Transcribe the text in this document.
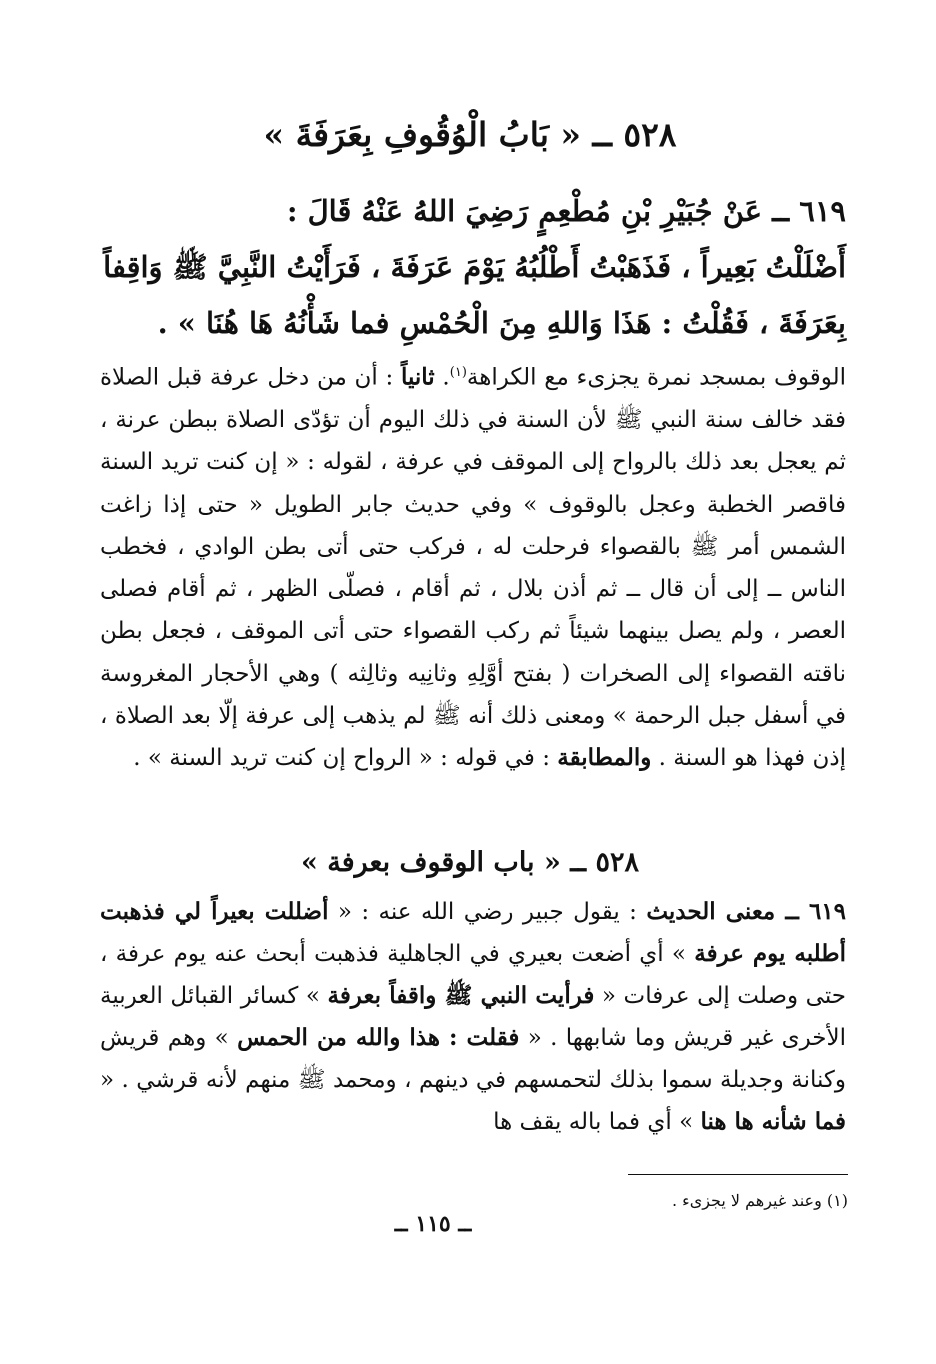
٥٢٨ ــ « بَابُ الْوُقُوفِ بِعَرَفَةَ »
٦١٩ ــ عَنْ جُبَيْرِ بْنِ مُطْعِمٍ رَضِيَ اللهُ عَنْهُ قَالَ :
أَضْلَلْتُ بَعِيراً ، فَذَهَبْتُ أَطْلُبُهُ يَوْمَ عَرَفَةَ ، فَرَأَيْتُ النَّبِيَّ ﷺ وَاقِفاً
بِعَرَفَةَ ، فَقُلْتُ : هَذَا وَاللهِ مِنَ الْحُمْسِ فما شَأْنُهُ هَا هُنَا » .

الوقوف بمسجد نمرة يجزىء مع الكراهة$^{(١)}$. ثانياً : أن من دخل عرفة قبل الصلاة فقد خالف سنة النبي ﷺ لأن السنة في ذلك اليوم أن تؤدّى الصلاة ببطن عرنة ، ثم يعجل بعد ذلك بالرواح إلى الموقف في عرفة ، لقوله : « إن كنت تريد السنة فاقصر الخطبة وعجل بالوقوف » وفي حديث جابر الطويل « حتى إذا زاغت الشمس أمر ﷺ بالقصواء فرحلت له ، فركب حتى أتى بطن الوادي ، فخطب الناس ــ إلى أن قال ــ ثم أذن بلال ، ثم أقام ، فصلّى الظهر ، ثم أقام فصلى العصر ، ولم يصل بينهما شيئاً ثم ركب القصواء حتى أتى الموقف ، فجعل بطن ناقته القصواء إلى الصخرات ( بفتح أوَّلِهِ وثانِيه وثالِثه ) وهي الأحجار المغروسة في أسفل جبل الرحمة » ومعنى ذلك أنه ﷺ لم يذهب إلى عرفة إلّا بعد الصلاة ، إذن فهذا هو السنة . والمطابقة : في قوله : « الرواح إن كنت تريد السنة » .

٥٢٨ ــ « باب الوقوف بعرفة »

٦١٩ ــ معنى الحديث : يقول جبير رضي الله عنه : « أضللت بعيراً لي فذهبت أطلبه يوم عرفة » أي أضعت بعيري في الجاهلية فذهبت أبحث عنه يوم عرفة ، حتى وصلت إلى عرفات « فرأيت النبي ﷺ واقفاً بعرفة » كسائر القبائل العربية الأخرى غير قريش وما شابهها . « فقلت : هذا والله من الحمس » وهم قريش وكنانة وجديلة سموا بذلك لتحمسهم في دينهم ، ومحمد ﷺ منهم لأنه قرشي . « فما شأنه ها هنا » أي فما باله يقف ها

(١) وعند غيرهم لا يجزىء .
ــ ١١٥ ــ
